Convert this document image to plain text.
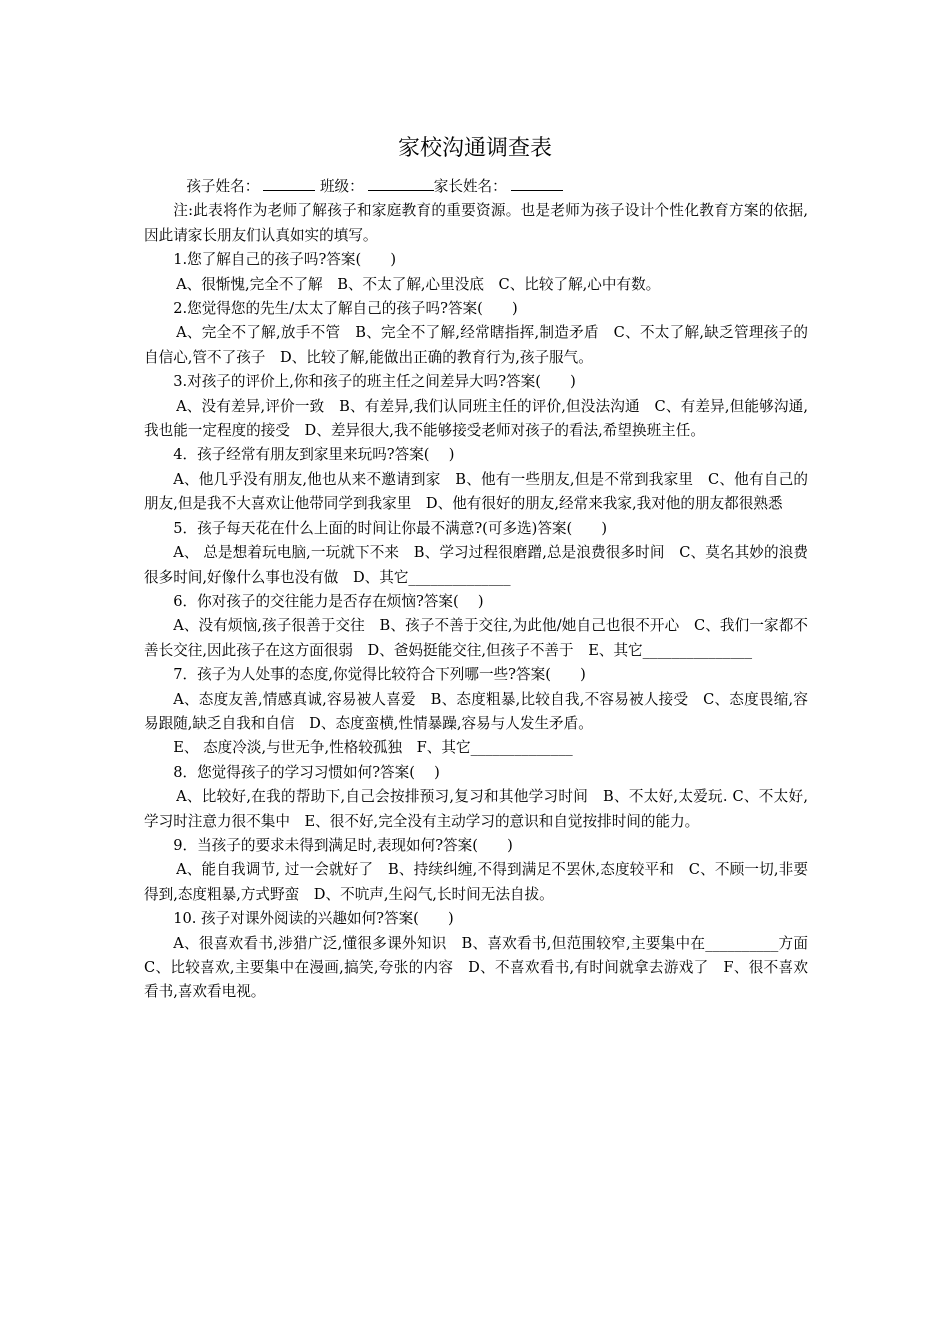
家校沟通调查表

孩子姓名：	班级：	家长姓名：

注:此表将作为老师了解孩子和家庭教育的重要资源。也是老师为孩子设计个性化教育方案的依据,因此请家长朋友们认真如实的填写。

1.您了解自己的孩子吗?答案(　　)

A、很惭愧,完全不了解　B、不太了解,心里没底　C、比较了解,心中有数。

2.您觉得您的先生/太太了解自己的孩子吗?答案(　　)

A、完全不了解,放手不管　B、完全不了解,经常瞎指挥,制造矛盾　C、不太了解,缺乏管理孩子的自信心,管不了孩子　D、比较了解,能做出正确的教育行为,孩子服气。

3.对孩子的评价上,你和孩子的班主任之间差异大吗?答案(　　)

A、没有差异,评价一致　B、有差异,我们认同班主任的评价,但没法沟通　C、有差异,但能够沟通,我也能一定程度的接受　D、差异很大,我不能够接受老师对孩子的看法,希望换班主任。

4．孩子经常有朋友到家里来玩吗?答案(　 )

A、他几乎没有朋友,他也从来不邀请到家　B、他有一些朋友,但是不常到我家里　C、他有自己的朋友,但是我不大喜欢让他带同学到我家里　D、他有很好的朋友,经常来我家,我对他的朋友都很熟悉

5．孩子每天花在什么上面的时间让你最不满意?(可多选)答案(　　)

A、 总是想着玩电脑,一玩就下不来　B、学习过程很磨蹭,总是浪费很多时间　C、莫名其妙的浪费很多时间,好像什么事也没有做　D、其它______________

6．你对孩子的交往能力是否存在烦恼?答案(　 )

A、没有烦恼,孩子很善于交往　B、孩子不善于交往,为此他/她自己也很不开心　C、我们一家都不善长交往,因此孩子在这方面很弱　D、爸妈挺能交往,但孩子不善于　E、其它_______________

7．孩子为人处事的态度,你觉得比较符合下列哪一些?答案(　　)

A、态度友善,情感真诚,容易被人喜爱　B、态度粗暴,比较自我,不容易被人接受　C、态度畏缩,容易跟随,缺乏自我和自信　D、态度蛮横,性情暴躁,容易与人发生矛盾。

E、 态度冷淡,与世无争,性格较孤独　F、其它______________

8．您觉得孩子的学习习惯如何?答案(　 )

A、比较好,在我的帮助下,自己会按排预习,复习和其他学习时间　B、不太好,太爱玩. C、不太好,学习时注意力很不集中　E、很不好,完全没有主动学习的意识和自觉按排时间的能力。

9．当孩子的要求未得到满足时,表现如何?答案(　　)

A、能自我调节, 过一会就好了　B、持续纠缠,不得到满足不罢休,态度较平和　C、不顾一切,非要得到,态度粗暴,方式野蛮　D、不吭声,生闷气,长时间无法自拔。

10. 孩子对课外阅读的兴趣如何?答案(　　)

A、很喜欢看书,涉猎广泛,懂很多课外知识　B、喜欢看书,但范围较窄,主要集中在__________方面　C、比较喜欢,主要集中在漫画,搞笑,夸张的内容　D、不喜欢看书,有时间就拿去游戏了　F、很不喜欢看书,喜欢看电视。
